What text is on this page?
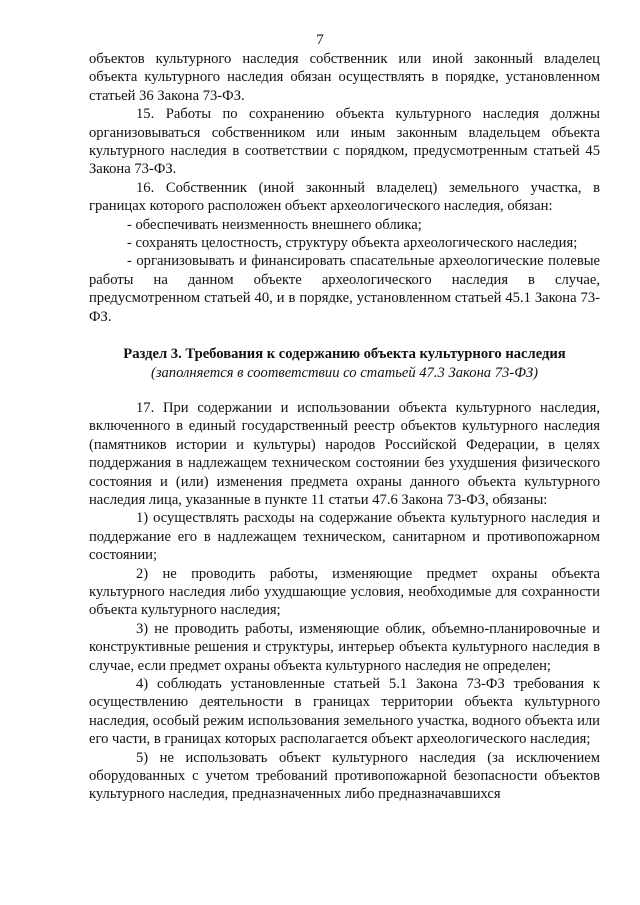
7

объектов культурного наследия собственник или иной законный владелец объекта культурного наследия обязан осуществлять в порядке, установленном статьей 36 Закона 73-ФЗ.

15. Работы по сохранению объекта культурного наследия должны организовываться собственником или иным законным владельцем объекта культурного наследия в соответствии с порядком, предусмотренным статьей 45 Закона 73-ФЗ.

16. Собственник (иной законный владелец) земельного участка, в границах которого расположен объект археологического наследия, обязан:

- обеспечивать неизменность внешнего облика;

- сохранять целостность, структуру объекта археологического наследия;

- организовывать и финансировать спасательные археологические полевые работы на данном объекте археологического наследия в случае, предусмотренном статьей 40, и в порядке, установленном статьей 45.1 Закона 73-ФЗ.

Раздел 3. Требования к содержанию объекта культурного наследия

(заполняется в соответствии со статьей 47.3 Закона 73-ФЗ)

17. При содержании и использовании объекта культурного наследия, включенного в единый государственный реестр объектов культурного наследия (памятников истории и культуры) народов Российской Федерации, в целях поддержания в надлежащем техническом состоянии без ухудшения физического состояния и (или) изменения предмета охраны данного объекта культурного наследия лица, указанные в пункте 11 статьи 47.6 Закона 73-ФЗ, обязаны:

1) осуществлять расходы на содержание объекта культурного наследия и поддержание его в надлежащем техническом, санитарном и противопожарном состоянии;

2) не проводить работы, изменяющие предмет охраны объекта культурного наследия либо ухудшающие условия, необходимые для сохранности объекта культурного наследия;

3) не проводить работы, изменяющие облик, объемно-планировочные и конструктивные решения и структуры, интерьер объекта культурного наследия в случае, если предмет охраны объекта культурного наследия не определен;

4) соблюдать установленные статьей 5.1 Закона 73-ФЗ требования к осуществлению деятельности в границах территории объекта культурного наследия, особый режим использования земельного участка, водного объекта или его части, в границах которых располагается объект археологического наследия;

5) не использовать объект культурного наследия (за исключением оборудованных с учетом требований противопожарной безопасности объектов культурного наследия, предназначенных либо предназначавшихся
